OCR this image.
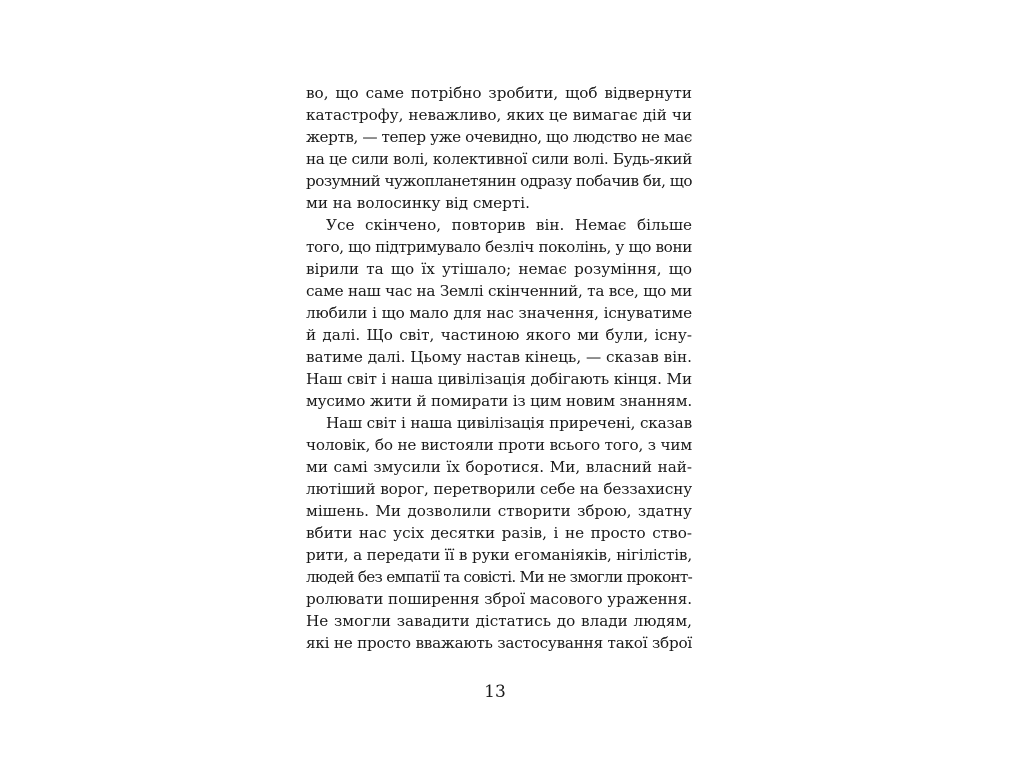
во, що саме потрібно зробити, щоб відвернути
катастрофу, неважливо, яких це вимагає дій чи
жертв, — тепер уже очевидно, що людство не має
на це сили волі, колективної сили волі. Будь-який
розумний чужопланетянин одразу побачив би, що
ми на волосинку від смерті.
Усе скінчено, повторив він. Немає більше
того, що підтримувало безліч поколінь, у що вони
вірили та що їх утішало; немає розуміння, що
саме наш час на Землі скінченний, та все, що ми
любили і що мало для нас значення, існуватиме
й далі. Що світ, частиною якого ми були, існу-
ватиме далі. Цьому настав кінець, — сказав він.
Наш світ і наша цивілізація добігають кінця. Ми
мусимо жити й помирати із цим новим знанням.
Наш світ і наша цивілізація приречені, сказав
чоловік, бо не вистояли проти всього того, з чим
ми самі змусили їх боротися. Ми, власний най-
лютіший ворог, перетворили себе на беззахисну
мішень. Ми дозволили створити зброю, здатну
вбити нас усіх десятки разів, і не просто ство-
рити, а передати її в руки егоманіяків, нігілістів,
людей без емпатії та совісті. Ми не змогли проконт-
ролювати поширення зброї масового ураження.
Не змогли завадити дістатись до влади людям,
які не просто вважають застосування такої зброї
13
